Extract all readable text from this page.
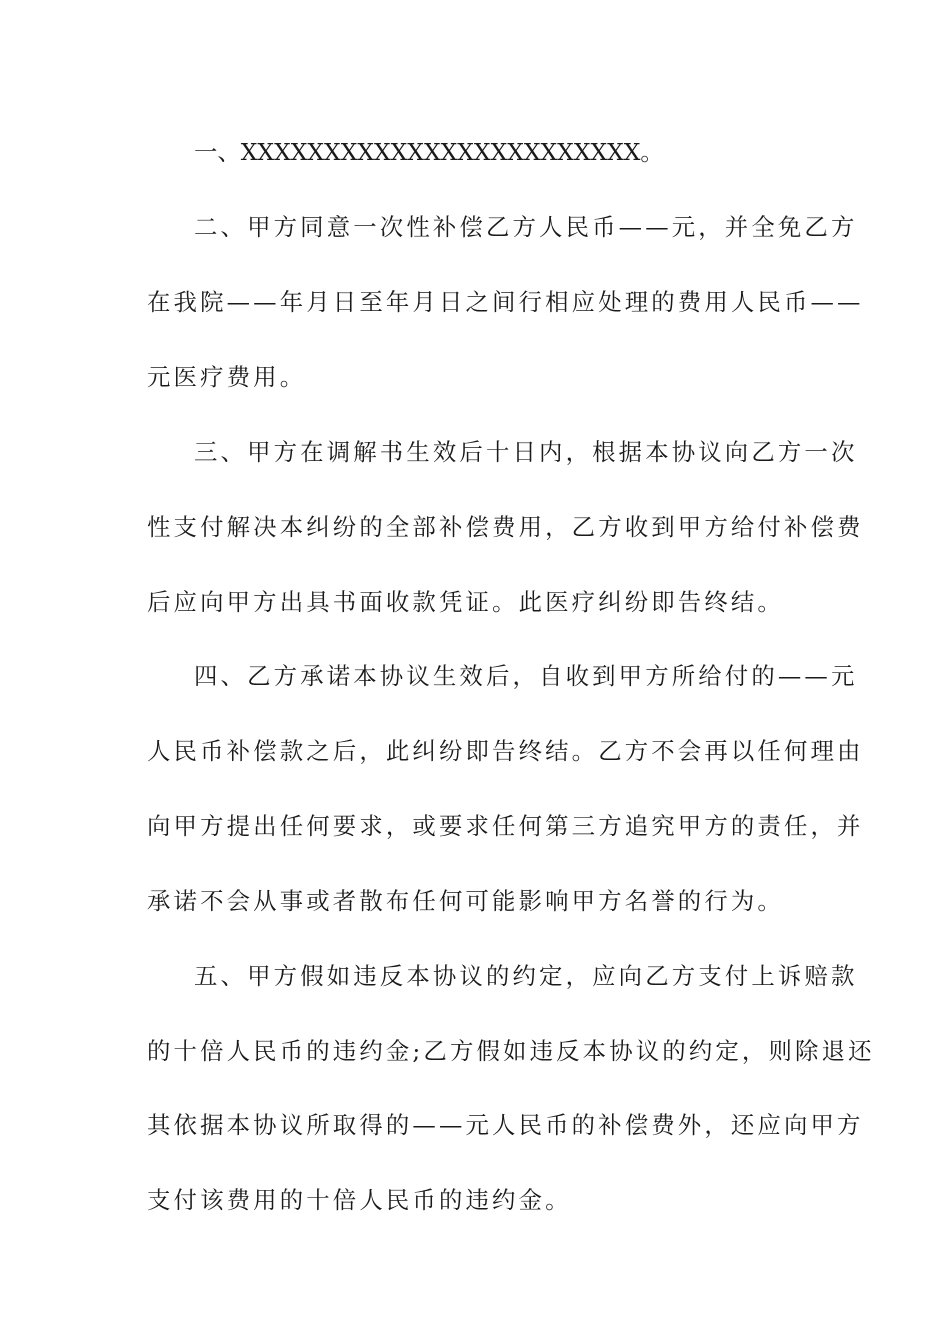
一、XXXXXXXXXXXXXXXXXXXXXXXX。
二、甲方同意一次性补偿乙方人民币——元，并全免乙方
在我院——年月日至年月日之间行相应处理的费用人民币——
元医疗费用。
三、甲方在调解书生效后十日内，根据本协议向乙方一次
性支付解决本纠纷的全部补偿费用，乙方收到甲方给付补偿费
后应向甲方出具书面收款凭证。此医疗纠纷即告终结。
四、乙方承诺本协议生效后，自收到甲方所给付的——元
人民币补偿款之后，此纠纷即告终结。乙方不会再以任何理由
向甲方提出任何要求，或要求任何第三方追究甲方的责任，并
承诺不会从事或者散布任何可能影响甲方名誉的行为。
五、甲方假如违反本协议的约定，应向乙方支付上诉赔款
的十倍人民币的违约金;乙方假如违反本协议的约定，则除退还
其依据本协议所取得的——元人民币的补偿费外，还应向甲方
支付该费用的十倍人民币的违约金。
